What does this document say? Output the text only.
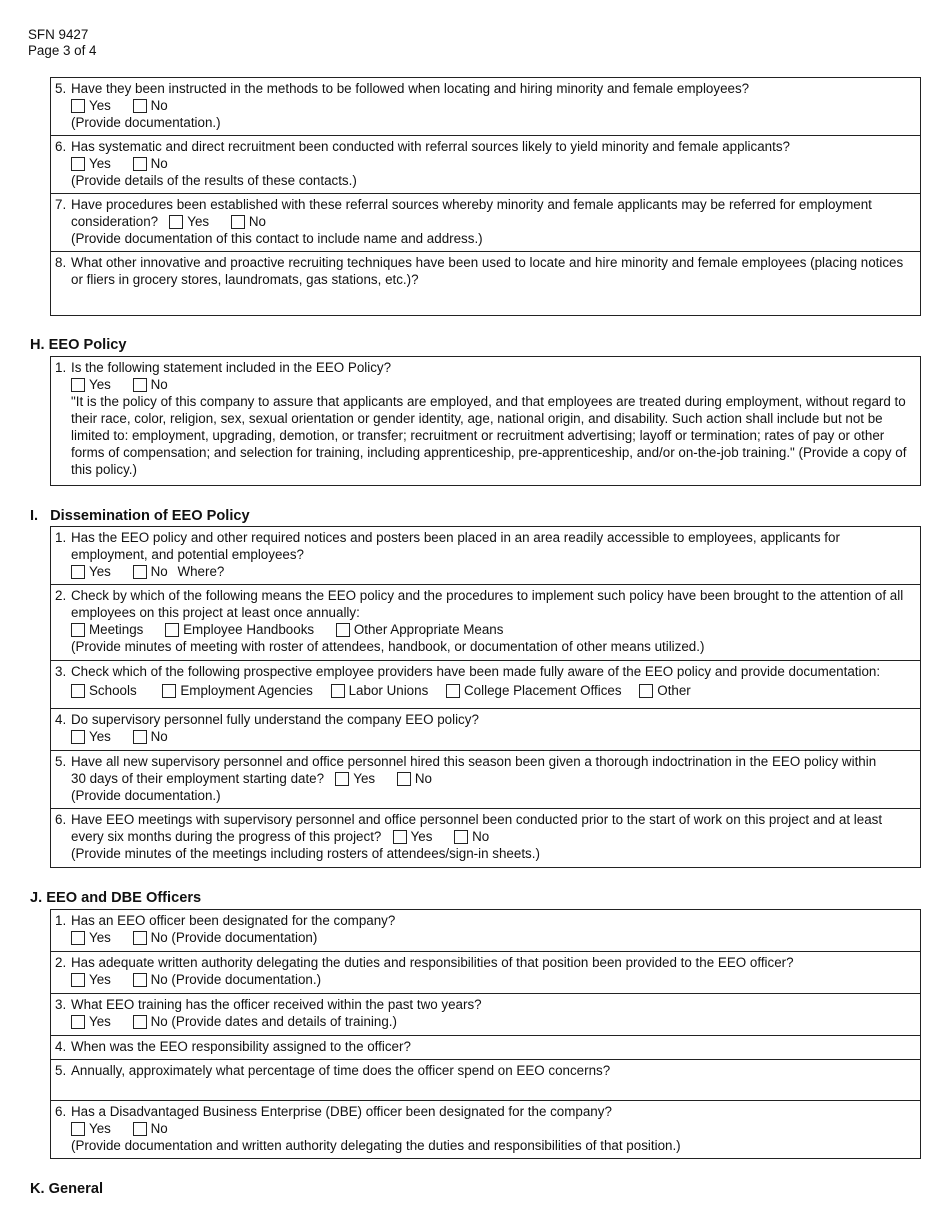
SFN 9427
Page 3 of 4
5. Have they been instructed in the methods to be followed when locating and hiring minority and female employees?
Yes	No
(Provide documentation.)
6. Has systematic and direct recruitment been conducted with referral sources likely to yield minority and female applicants?
Yes	No
(Provide details of the results of these contacts.)
7. Have procedures been established with these referral sources whereby minority and female applicants may be referred for employment
consideration? Yes	No
(Provide documentation of this contact to include name and address.)
8. What other innovative and proactive recruiting techniques have been used to locate and hire minority and female employees (placing notices or fliers in grocery stores, laundromats, gas stations, etc.)?
H. EEO Policy
1. Is the following statement included in the EEO Policy?
Yes	No
"It is the policy of this company to assure that applicants are employed, and that employees are treated during employment, without regard to their race, color, religion, sex, sexual orientation or gender identity, age, national origin, and disability. Such action shall include but not be limited to: employment, upgrading, demotion, or transfer; recruitment or recruitment advertising; layoff or termination; rates of pay or other forms of compensation; and selection for training, including apprenticeship, pre-apprenticeship, and/or on-the-job training." (Provide a copy of this policy.)
I. Dissemination of EEO Policy
1. Has the EEO policy and other required notices and posters been placed in an area readily accessible to employees, applicants for employment, and potential employees?
Yes	No Where?
2. Check by which of the following means the EEO policy and the procedures to implement such policy have been brought to the attention of all employees on this project at least once annually:
Meetings	Employee Handbooks	Other Appropriate Means
(Provide minutes of meeting with roster of attendees, handbook, or documentation of other means utilized.)
3. Check which of the following prospective employee providers have been made fully aware of the EEO policy and provide documentation:
Schools	Employment Agencies	Labor Unions	College Placement Offices	Other
4. Do supervisory personnel fully understand the company EEO policy?
Yes	No
5. Have all new supervisory personnel and office personnel hired this season been given a thorough indoctrination in the EEO policy within
30 days of their employment starting date? Yes	No
(Provide documentation.)
6. Have EEO meetings with supervisory personnel and office personnel been conducted prior to the start of work on this project and at least
every six months during the progress of this project? Yes	No
(Provide minutes of the meetings including rosters of attendees/sign-in sheets.)
J. EEO and DBE Officers
1. Has an EEO officer been designated for the company?
Yes	No (Provide documentation)
2. Has adequate written authority delegating the duties and responsibilities of that position been provided to the EEO officer?
Yes	No (Provide documentation.)
3. What EEO training has the officer received within the past two years?
Yes	No (Provide dates and details of training.)
4. When was the EEO responsibility assigned to the officer?
5. Annually, approximately what percentage of time does the officer spend on EEO concerns?
6. Has a Disadvantaged Business Enterprise (DBE) officer been designated for the company?
Yes	No
(Provide documentation and written authority delegating the duties and responsibilities of that position.)
K. General
